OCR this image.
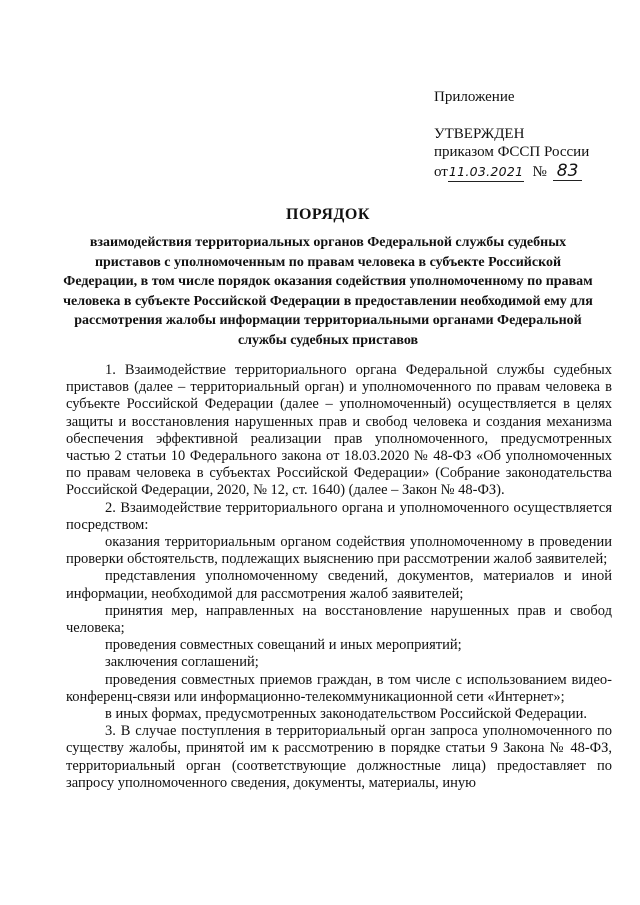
Приложение
УТВЕРЖДЕН
приказом ФССП России
от 11.03.2021 № 83
ПОРЯДОК
взаимодействия территориальных органов Федеральной службы судебных приставов с уполномоченным по правам человека в субъекте Российской Федерации, в том числе порядок оказания содействия уполномоченному по правам человека в субъекте Российской Федерации в предоставлении необходимой ему для рассмотрения жалобы информации территориальными органами Федеральной службы судебных приставов

1. Взаимодействие территориального органа Федеральной службы судебных приставов (далее – территориальный орган) и уполномоченного по правам человека в субъекте Российской Федерации (далее – уполномоченный) осуществляется в целях защиты и восстановления нарушенных прав и свобод человека и создания механизма обеспечения эффективной реализации прав уполномоченного, предусмотренных частью 2 статьи 10 Федерального закона от 18.03.2020 № 48-ФЗ «Об уполномоченных по правам человека в субъектах Российской Федерации» (Собрание законодательства Российской Федерации, 2020, № 12, ст. 1640) (далее – Закон № 48-ФЗ).

2. Взаимодействие территориального органа и уполномоченного осуществляется посредством:

оказания территориальным органом содействия уполномоченному в проведении проверки обстоятельств, подлежащих выяснению при рассмотрении жалоб заявителей;

представления уполномоченному сведений, документов, материалов и иной информации, необходимой для рассмотрения жалоб заявителей;

принятия мер, направленных на восстановление нарушенных прав и свобод человека;

проведения совместных совещаний и иных мероприятий;

заключения соглашений;

проведения совместных приемов граждан, в том числе с использованием видео-конференц-связи или информационно-телекоммуникационной сети «Интернет»;

в иных формах, предусмотренных законодательством Российской Федерации.

3. В случае поступления в территориальный орган запроса уполномоченного по существу жалобы, принятой им к рассмотрению в порядке статьи 9 Закона № 48-ФЗ, территориальный орган (соответствующие должностные лица) предоставляет по запросу уполномоченного сведения, документы, материалы, иную
